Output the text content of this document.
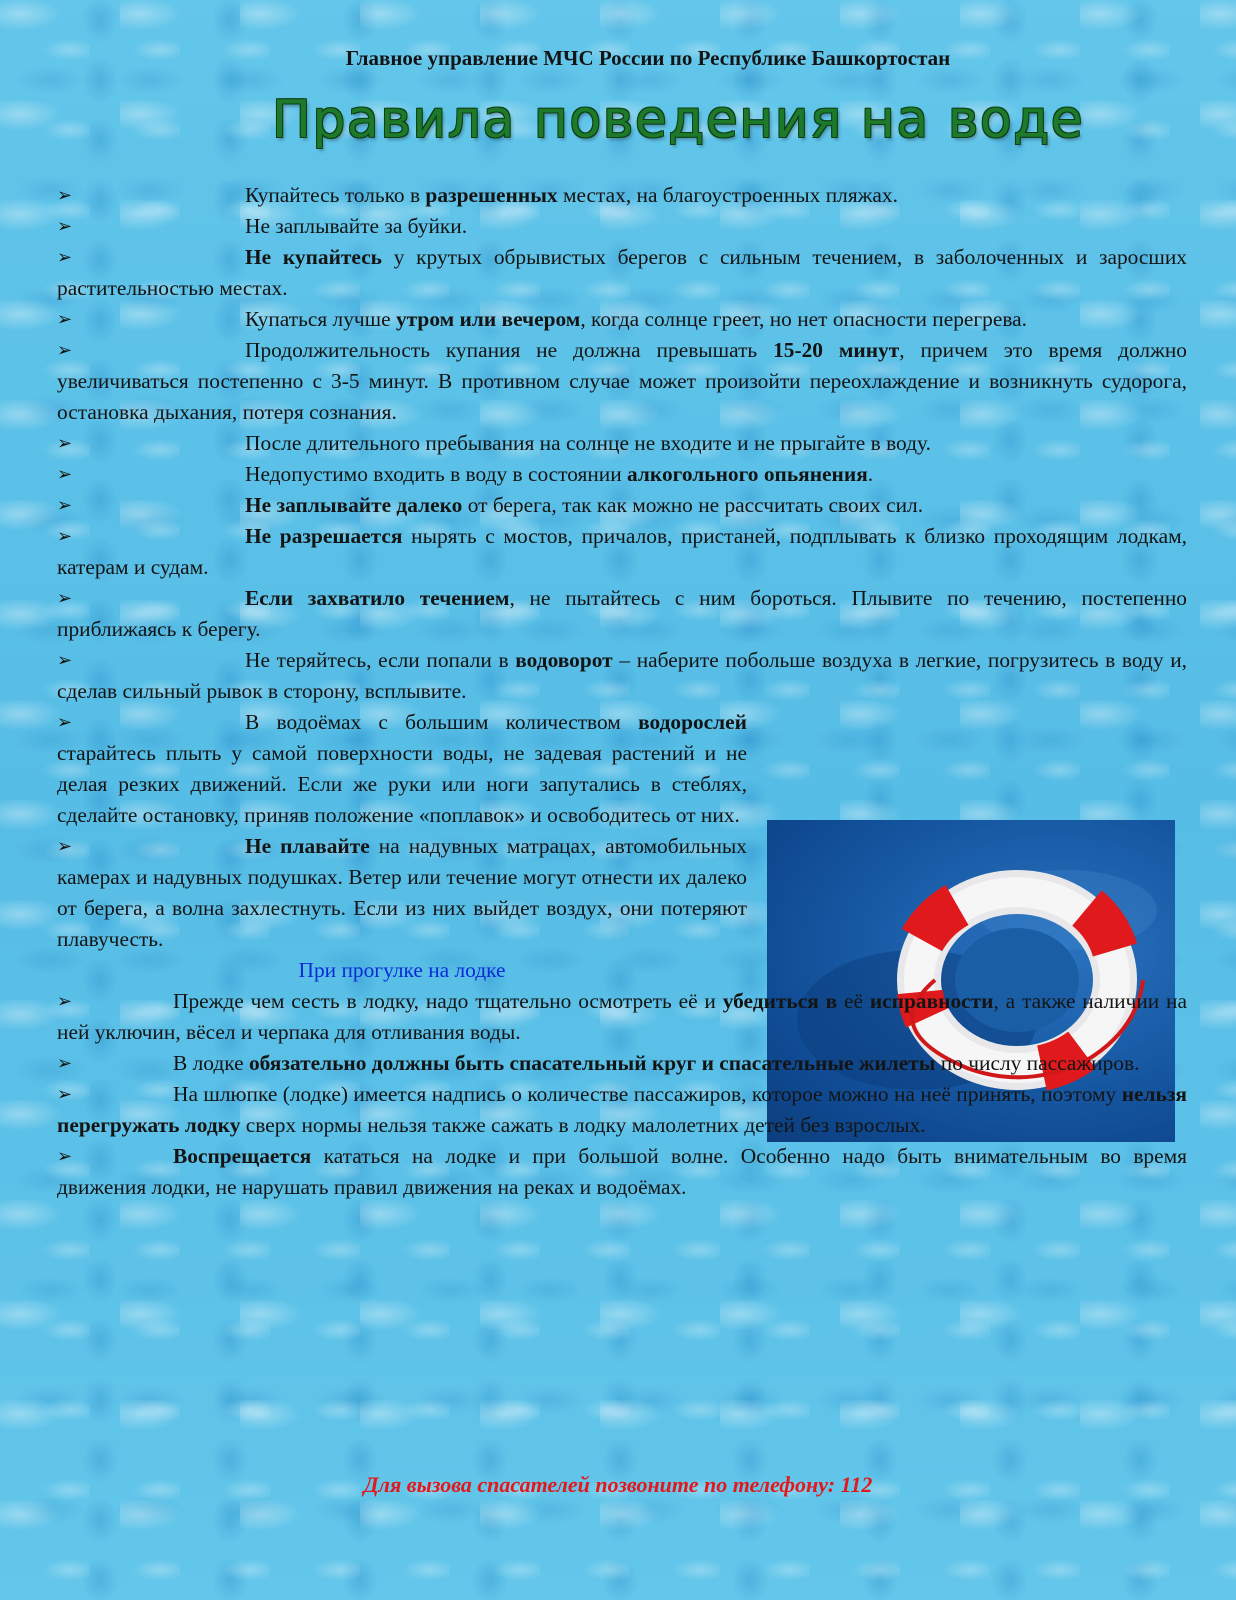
Главное управление МЧС России по Республике Башкортостан
Правила поведения на воде
➢	Купайтесь только в разрешенных местах, на благоустроенных пляжах.

➢	Не заплывайте за буйки.

➢	Не купайтесь у крутых обрывистых берегов с сильным течением, в заболоченных и заросших растительностью местах.

➢	Купаться лучше утром или вечером, когда солнце греет, но нет опасности перегрева.

➢	Продолжительность купания не должна превышать 15-20 минут, причем это время должно увеличиваться постепенно с 3-5 минут. В противном случае может произойти переохлаждение и возникнуть судорога, остановка дыхания, потеря сознания.

➢	После длительного пребывания на солнце не входите и не прыгайте в воду.

➢	Недопустимо входить в воду в состоянии алкогольного опьянения.

➢	Не заплывайте далеко от берега, так как можно не рассчитать своих сил.

➢	Не разрешается нырять с мостов, причалов, пристаней, подплывать к близко проходящим лодкам, катерам и судам.

➢	Если захватило течением, не пытайтесь с ним бороться. Плывите по течению, постепенно приближаясь к берегу.

➢	Не теряйтесь, если попали в водоворот – наберите побольше воздуха в легкие, погрузитесь в воду и, сделав сильный рывок в сторону, всплывите.

➢	В водоёмах с большим количеством водорослей старайтесь плыть у самой поверхности воды, не задевая растений и не делая резких движений. Если же руки или ноги запутались в стеблях, сделайте остановку, приняв положение «поплавок» и освободитесь от них.

➢	Не плавайте на надувных матрацах, автомобильных камерах и надувных подушках. Ветер или течение могут отнести их далеко от берега, а волна захлестнуть. Если из них выйдет воздух, они потеряют плавучесть.

При прогулке на лодке
➢	Прежде чем сесть в лодку, надо тщательно осмотреть её и убедиться в её исправности, а также наличии на ней уключин, вёсел и черпака для отливания воды.

➢	В лодке обязательно должны быть спасательный круг и спасательные жилеты по числу пассажиров.

➢	На шлюпке (лодке) имеется надпись о количестве пассажиров, которое можно на неё принять, поэтому нельзя перегружать лодку сверх нормы нельзя также сажать в лодку малолетних детей без взрослых.

➢	Воспрещается кататься на лодке и при большой волне. Особенно надо быть внимательным во время движения лодки, не нарушать правил движения на реках и водоёмах.

Для вызова спасателей позвоните по телефону: 112
